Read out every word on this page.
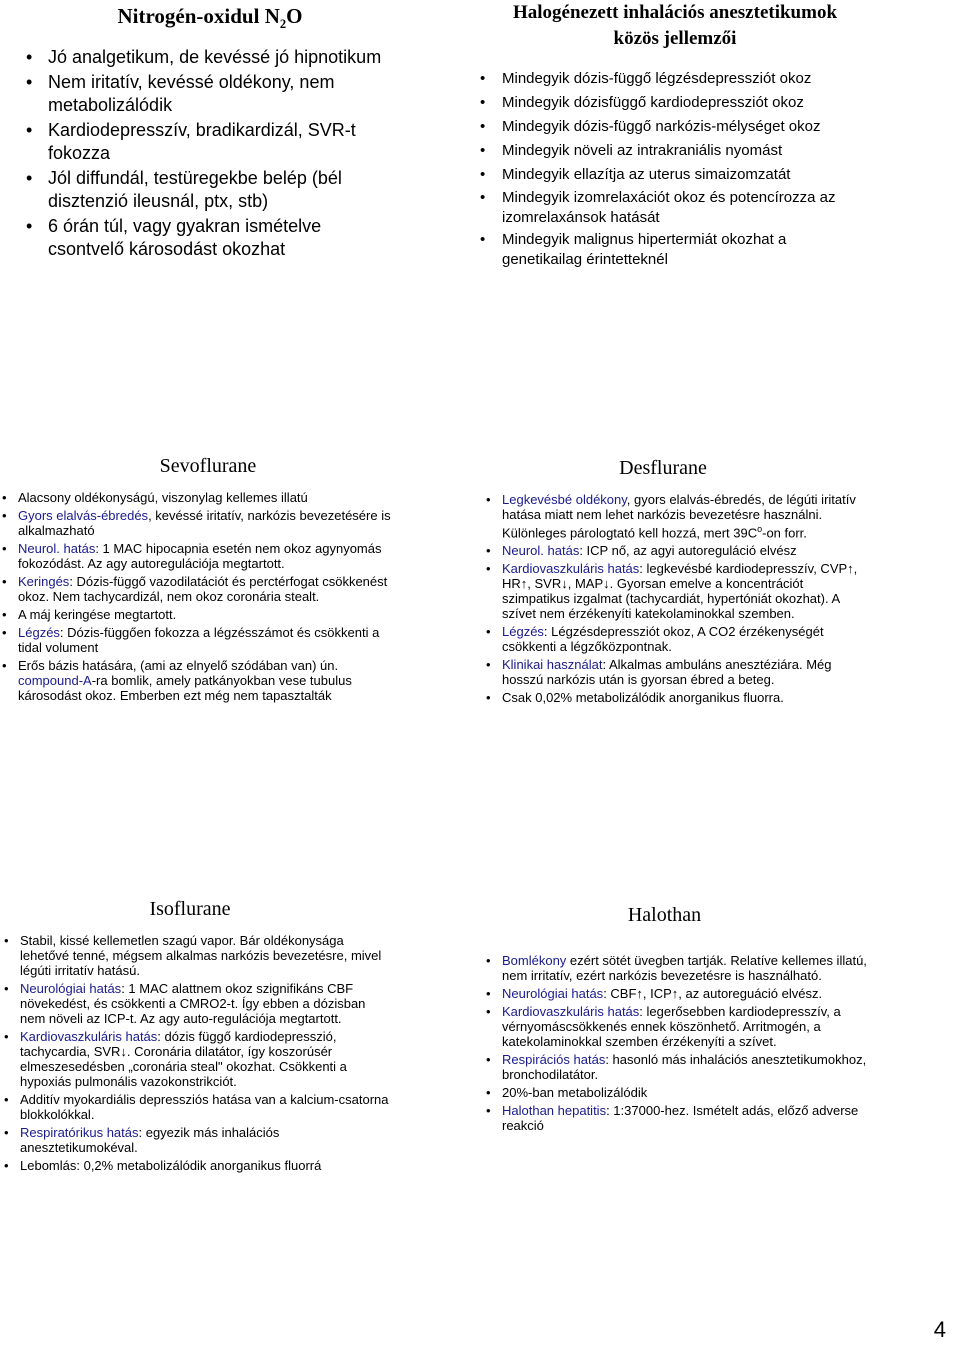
Nitrogén-oxidul $N_2O$
• Jó analgetikum, de kevéssé jó hipnotikum
• Nem iritatív, kevéssé oldékony, nem metabolizálódik
• Kardiodepresszív, bradikardizál, SVR-t fokozza
• Jól diffundál, testüregekbe belép (bél disztenzió ileusnál, ptx, stb)
• 6 órán túl, vagy gyakran ismételve csontvelő károsodást okozhat
Halogénezett inhalációs anesztetikumok
közös jellemzői
• Mindegyik dózis-függő légzésdepressziót okoz
• Mindegyik dózisfüggő kardiodepressziót okoz
• Mindegyik dózis-függő narkózis-mélységet okoz
• Mindegyik növeli az intrakraniális nyomást
• Mindegyik ellazítja az uterus simaizomzatát
• Mindegyik izomrelaxációt okoz és potencírozza az izomrelaxánsok hatását
• Mindegyik malignus hipertermiát okozhat a genetikailag érintetteknél
Sevoflurane
• Alacsony oldékonyságú, viszonylag kellemes illatú
• Gyors elalvás-ébredés, kevéssé iritatív, narkózis bevezetésére is alkalmazható
• Neurol. hatás: 1 MAC hipocapnia esetén nem okoz agynyomás fokozódást. Az agy autoregulációja megtartott.
• Keringés: Dózis-függő vazodilatációt és perctérfogat csökkenést okoz. Nem tachycardizál, nem okoz coronária stealt.
• A máj keringése megtartott.
• Légzés: Dózis-függően fokozza a légzésszámot és csökkenti a tidal volument
• Erős bázis hatására, (ami az elnyelő szódában van) ún. compound-A-ra bomlik, amely patkányokban vese tubulus károsodást okoz. Emberben ezt még nem tapasztalták
Desflurane
• Legkevésbé oldékony, gyors elalvás-ébredés, de légúti iritatív hatása miatt nem lehet narkózis bevezetésre használni. Különleges párologtató kell hozzá, mert $39C^o-on$ forr.
• Neurol. hatás: ICP nő, az agyi autoreguláció elvész
• Kardiovaszkuláris hatás: legkevésbé kardiodepresszív, CVP↑, HR↑, SVR↓, MAP↓. Gyorsan emelve a koncentrációt szimpatikus izgalmat (tachycardiát, hypertóniát okozhat). A szívet nem érzékenyíti katekolaminokkal szemben.
• Légzés: Légzésdepressziót okoz, A CO2 érzékenységét csökkenti a légzőközpontnak.
• Klinikai használat: Alkalmas ambuláns anesztéziára. Még hosszú narkózis után is gyorsan ébred a beteg.
• Csak 0,02% metabolizálódik anorganikus fluorra.
Isoflurane
• Stabil, kissé kellemetlen szagú vapor. Bár oldékonysága lehetővé tenné, mégsem alkalmas narkózis bevezetésre, mivel légúti irritatív hatású.
• Neurológiai hatás: 1 MAC alattnem okoz szignifikáns CBF növekedést, és csökkenti a CMRO2-t. Így ebben a dózisban nem növeli az ICP-t. Az agy auto-regulációja megtartott.
• Kardiovaszkuláris hatás: dózis függő kardiodepresszió, tachycardia, SVR↓. Coronária dilatátor, így koszorúsér elmeszesedésben „coronária steal" okozhat. Csökkenti a hypoxiás pulmonális vazokonstrikciót.
• Additív myokardiális depressziós hatása van a kalcium-csatorna blokkolókkal.
• Respiratórikus hatás: egyezik más inhalációs anesztetikumokéval.
• Lebomlás: 0,2% metabolizálódik anorganikus fluorrá
Halothan
• Bomlékony ezért sötét üvegben tartják. Relatíve kellemes illatú, nem irritatív, ezért narkózis bevezetésre is használható.
• Neurológiai hatás: CBF↑, ICP↑, az autoreguáció elvész.
• Kardiovaszkuláris hatás: legerősebben kardiodepresszív, a vérnyomáscsökkenés ennek köszönhető. Arritmogén, a katekolaminokkal szemben érzékenyíti a szívet.
• Respirációs hatás: hasonló más inhalációs anesztetikumokhoz, bronchodilatátor.
• 20%-ban metabolizálódik
• Halothan hepatitis: 1:37000-hez. Ismételt adás, előző adverse reakció
4
